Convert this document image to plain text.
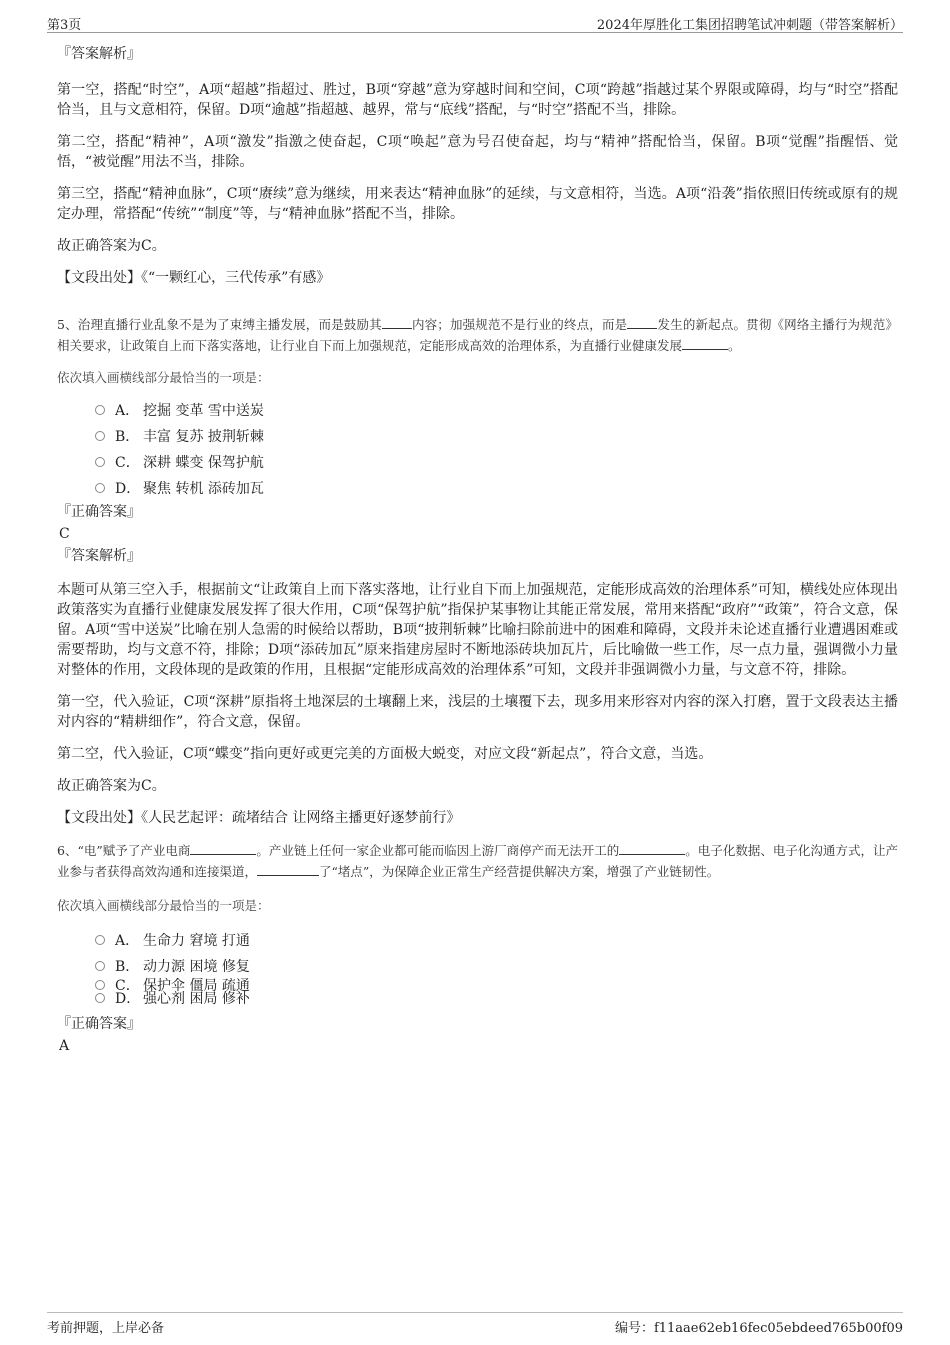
第3页	2024年厚胜化工集团招聘笔试冲刺题（带答案解析）
『答案解析』

第一空，搭配“时空”，A项“超越”指超过、胜过，B项“穿越”意为穿越时间和空间，C项“跨越”指越过某个界限或障碍，均与“时空”搭配恰当，且与文意相符，保留。D项“逾越”指超越、越界，常与“底线”搭配，与“时空”搭配不当，排除。

第二空，搭配“精神”，A项“激发”指激之使奋起，C项“唤起”意为号召使奋起，均与“精神”搭配恰当，保留。B项“觉醒”指醒悟、觉悟，“被觉醒”用法不当，排除。

第三空，搭配“精神血脉”，C项“赓续”意为继续，用来表达“精神血脉”的延续，与文意相符，当选。A项“沿袭”指依照旧传统或原有的规定办理，常搭配“传统”“制度”等，与“精神血脉”搭配不当，排除。

故正确答案为C。

【文段出处】《“一颗红心，三代传承”有感》

5、治理直播行业乱象不是为了束缚主播发展，而是鼓励其 内容；加强规范不是行业的终点，而是 发生的新起点。贯彻《网络主播行为规范》相关要求，让政策自上而下落实落地，让行业自下而上加强规范，定能形成高效的治理体系，为直播行业健康发展	。

依次填入画横线部分最恰当的一项是：

A． 挖掘 变革 雪中送炭
B． 丰富 复苏 披荆斩棘
C． 深耕 蝶变 保驾护航
D． 聚焦 转机 添砖加瓦
『正确答案』
C
『答案解析』

本题可从第三空入手，根据前文“让政策自上而下落实落地，让行业自下而上加强规范，定能形成高效的治理体系”可知，横线处应体现出政策落实为直播行业健康发展发挥了很大作用，C项“保驾护航”指保护某事物让其能正常发展，常用来搭配“政府”“政策”，符合文意，保留。A项“雪中送炭”比喻在别人急需的时候给以帮助，B项“披荆斩棘”比喻扫除前进中的困难和障碍，文段并未论述直播行业遭遇困难或需要帮助，均与文意不符，排除；D项“添砖加瓦”原来指建房屋时不断地添砖块加瓦片，后比喻做一些工作，尽一点力量，强调微小力量对整体的作用，文段体现的是政策的作用，且根据“定能形成高效的治理体系”可知，文段并非强调微小力量，与文意不符，排除。

第一空，代入验证，C项“深耕”原指将土地深层的土壤翻上来，浅层的土壤覆下去，现多用来形容对内容的深入打磨，置于文段表达主播对内容的“精耕细作”，符合文意，保留。

第二空，代入验证，C项“蝶变”指向更好或更完美的方面极大蜕变，对应文段“新起点”，符合文意，当选。

故正确答案为C。

【文段出处】《人民艺起评：疏堵结合 让网络主播更好逐梦前行》

6、“电”赋予了产业电商	。产业链上任何一家企业都可能而临因上游厂商停产而无法开工的	。电子化数据、电子化沟通方式，让产业参与者获得高效沟通和连接渠道，	了“堵点”，为保障企业正常生产经营提供解决方案，增强了产业链韧性。

依次填入画横线部分最恰当的一项是：

A． 生命力 窘境 打通
B． 动力源 困境 修复
C． 保护伞 僵局 疏通
D． 强心剂 困局 修补
『正确答案』
A
考前押题，上岸必备	编号：f11aae62eb16fec05ebdeed765b00f09
